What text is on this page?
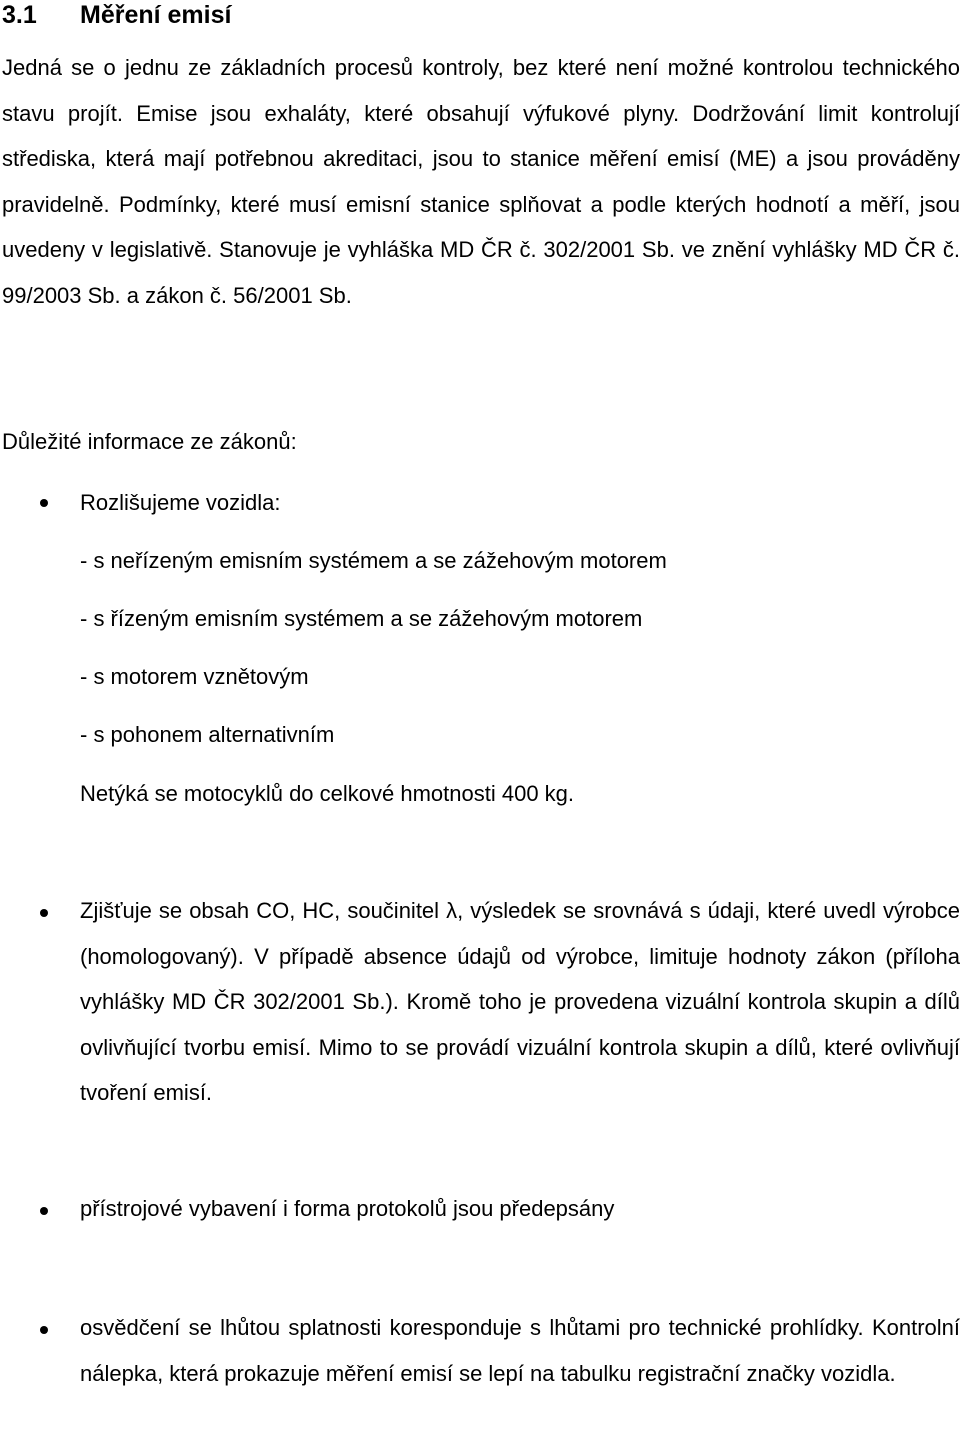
3.1 Měření emisí

Jedná se o jednu ze základních procesů kontroly, bez které není možné kontrolou technického stavu projít. Emise jsou exhaláty, které obsahují výfukové plyny. Dodržování limit kontrolují střediska, která mají potřebnou akreditaci, jsou to stanice měření emisí (ME) a jsou prováděny pravidelně. Podmínky, které musí emisní stanice splňovat a podle kterých hodnotí a měří, jsou uvedeny v legislativě. Stanovuje je vyhláška MD ČR č. 302/2001 Sb. ve znění vyhlášky MD ČR č. 99/2003 Sb. a zákon č. 56/2001 Sb.

Důležité informace ze zákonů:

Rozlišujeme vozidla:

- s neřízeným emisním systémem a se zážehovým motorem

- s řízeným emisním systémem a se zážehovým motorem

- s motorem vznětovým

- s pohonem alternativním

Netýká se motocyklů do celkové hmotnosti 400 kg.

Zjišťuje se obsah CO, HC, součinitel λ, výsledek se srovnává s údaji, které uvedl výrobce (homologovaný). V případě absence údajů od výrobce, limituje hodnoty zákon (příloha vyhlášky MD ČR 302/2001 Sb.). Kromě toho je provedena vizuální kontrola skupin a dílů ovlivňující tvorbu emisí. Mimo to se provádí vizuální kontrola skupin a dílů, které ovlivňují tvoření emisí.

přístrojové vybavení i forma protokolů jsou předepsány

osvědčení se lhůtou splatnosti koresponduje s lhůtami pro technické prohlídky. Kontrolní nálepka, která prokazuje měření emisí se lepí na tabulku registrační značky vozidla.
